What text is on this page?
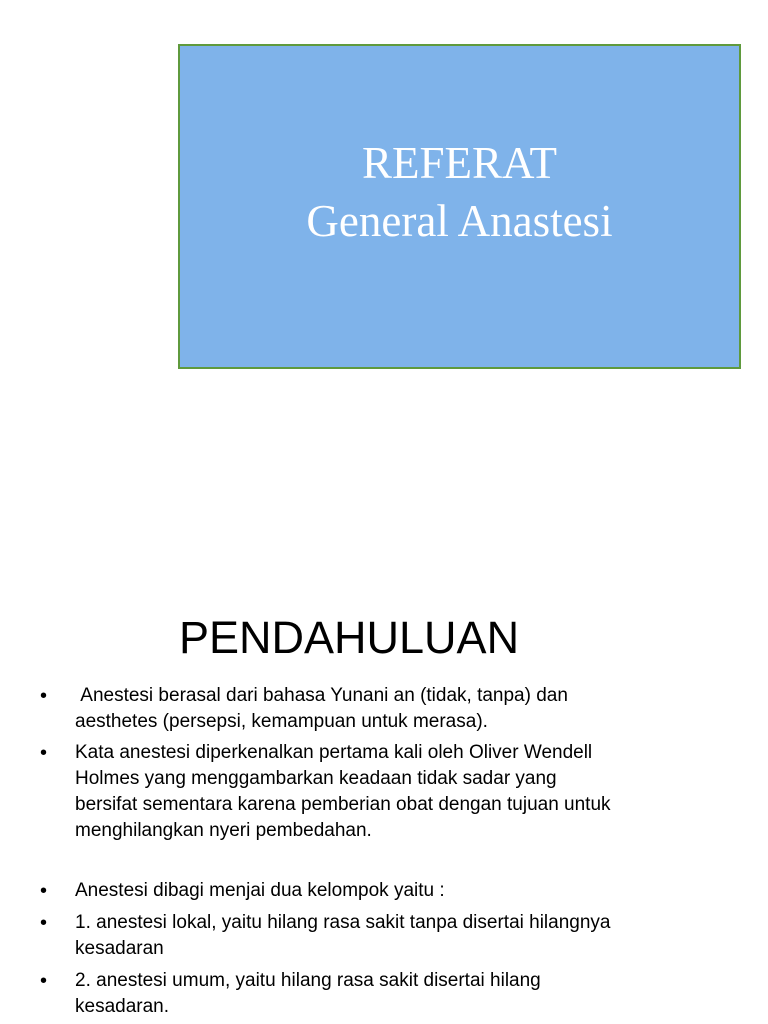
REFERAT
General Anastesi
PENDAHULUAN
• Anestesi berasal dari bahasa Yunani an (tidak, tanpa) dan
aesthetes (persepsi, kemampuan untuk merasa).
• Kata anestesi diperkenalkan pertama kali oleh Oliver Wendell
Holmes yang menggambarkan keadaan tidak sadar yang
bersifat sementara karena pemberian obat dengan tujuan untuk
menghilangkan nyeri pembedahan.
• Anestesi dibagi menjai dua kelompok yaitu :
• 1. anestesi lokal, yaitu hilang rasa sakit tanpa disertai hilangnya
kesadaran
• 2. anestesi umum, yaitu hilang rasa sakit disertai hilang
kesadaran.
